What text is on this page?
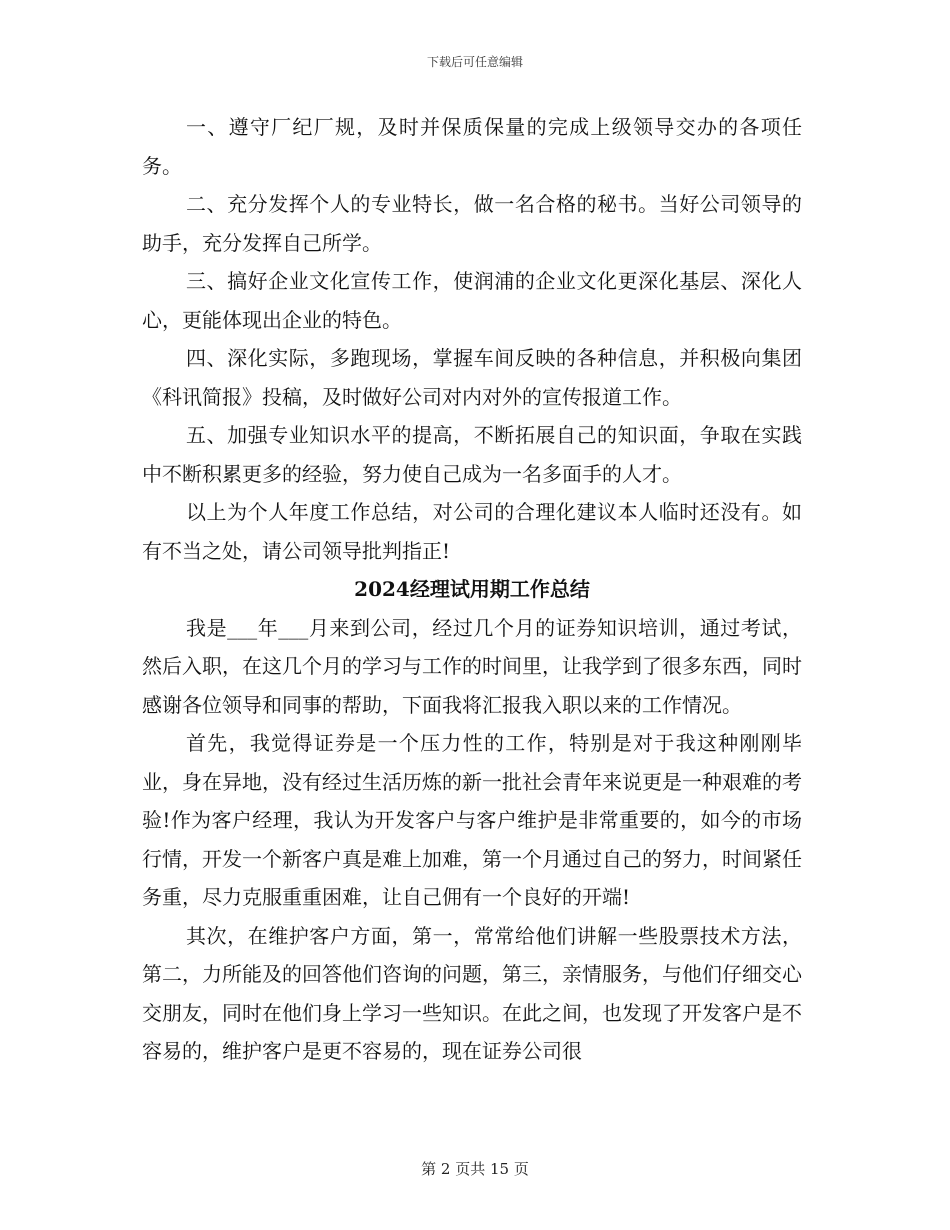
下载后可任意编辑

一、遵守厂纪厂规，及时并保质保量的完成上级领导交办的各项任务。

二、充分发挥个人的专业特长，做一名合格的秘书。当好公司领导的助手，充分发挥自己所学。

三、搞好企业文化宣传工作，使润浦的企业文化更深化基层、深化人心，更能体现出企业的特色。

四、深化实际，多跑现场，掌握车间反映的各种信息，并积极向集团《科讯简报》投稿，及时做好公司对内对外的宣传报道工作。

五、加强专业知识水平的提高，不断拓展自己的知识面，争取在实践中不断积累更多的经验，努力使自己成为一名多面手的人才。

以上为个人年度工作总结，对公司的合理化建议本人临时还没有。如有不当之处，请公司领导批判指正!

2024经理试用期工作总结

我是___年___月来到公司，经过几个月的证券知识培训，通过考试，然后入职，在这几个月的学习与工作的时间里，让我学到了很多东西，同时感谢各位领导和同事的帮助，下面我将汇报我入职以来的工作情况。

首先，我觉得证券是一个压力性的工作，特别是对于我这种刚刚毕业，身在异地，没有经过生活历炼的新一批社会青年来说更是一种艰难的考验!作为客户经理，我认为开发客户与客户维护是非常重要的，如今的市场行情，开发一个新客户真是难上加难，第一个月通过自己的努力，时间紧任务重，尽力克服重重困难，让自己佣有一个良好的开端!

其次，在维护客户方面，第一，常常给他们讲解一些股票技术方法，第二，力所能及的回答他们咨询的问题，第三，亲情服务，与他们仔细交心交朋友，同时在他们身上学习一些知识。在此之间，也发现了开发客户是不容易的，维护客户是更不容易的，现在证券公司很

第 2 页共 15 页
